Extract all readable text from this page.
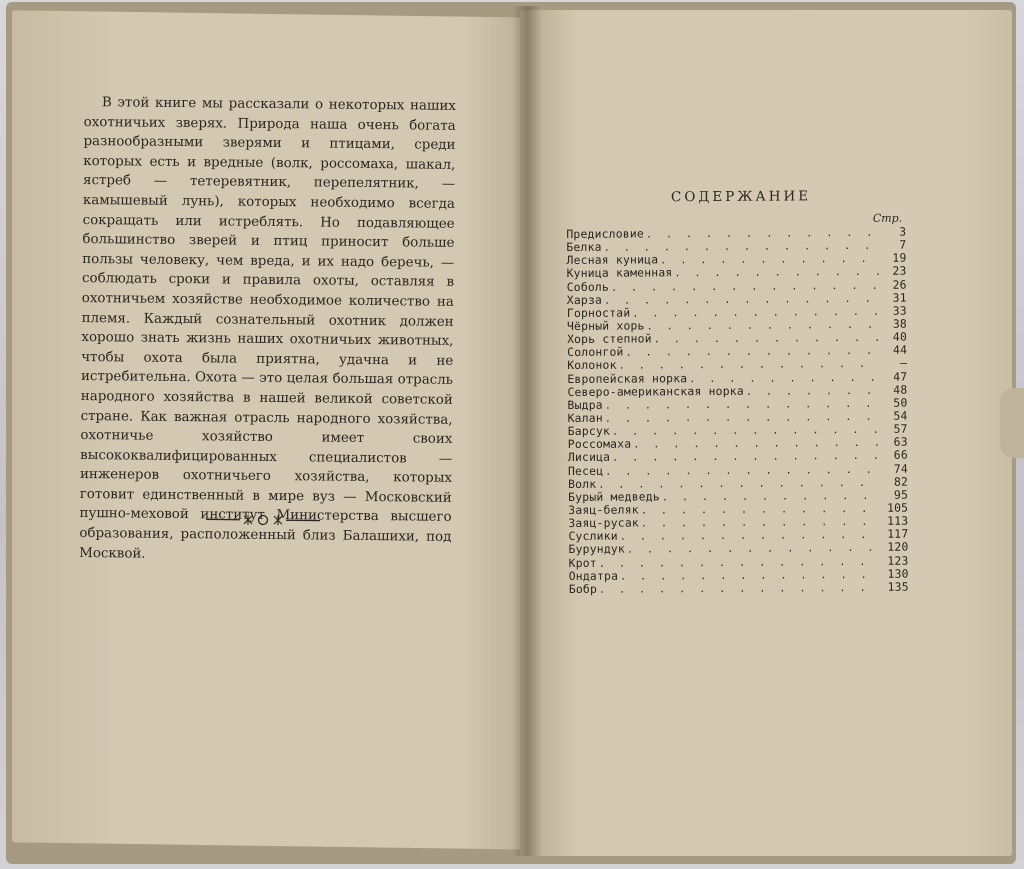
В этой книге мы рассказали о некоторых наших охотничьих зверях. Природа наша очень богата разнообразными зверями и птицами, среди которых есть и вредные (волк, россомаха, шакал, ястреб — тетеревятник, перепелятник, — камышевый лунь), которых необходимо всегда сокращать или истреблять. Но подавляющее большинство зверей и птиц приносит больше пользы человеку, чем вреда, и их надо беречь, — соблюдать сроки и правила охоты, оставляя в охотничьем хозяйстве необходимое количество на племя. Каждый сознательный охотник должен хорошо знать жизнь наших охотничьих животных, чтобы охота была приятна, удачна и не истребительна. Охота — это целая большая отрасль народного хозяйства в нашей великой советской стране. Как важная отрасль народного хозяйства, охотничье хозяйство имеет своих высококвалифицированных специалистов — инженеров охотничьего хозяйства, которых готовит единственный в мире вуз — Московский пушно-меховой институт Министерства высшего образования, расположенный близ Балашихи, под Москвой.

СОДЕРЖАНИЕ
Стр.
Предисловие . . .	3
Белка . . .	7
Лесная куница . . .	19
Куница каменная . . .	23
Соболь . . .	26
Харза . . .	31
Горностай . . .	33
Чёрный хорь . . .	38
Хорь степной . . .	40
Солонгой . . .	44
Колонок . . .	—
Европейская норка . . .	47
Северо-американская норка . . .	48
Выдра . . .	50
Калан . . .	54
Барсук . . .	57
Россомаха . . .	63
Лисица . . .	66
Песец . . .	74
Волк . . .	82
Бурый медведь . . .	95
Заяц-беляк . . .	105
Заяц-русак . . .	113
Суслики . . .	117
Бурундук . . .	120
Крот . . .	123
Ондатра . . .	130
Бобр . . .	135
